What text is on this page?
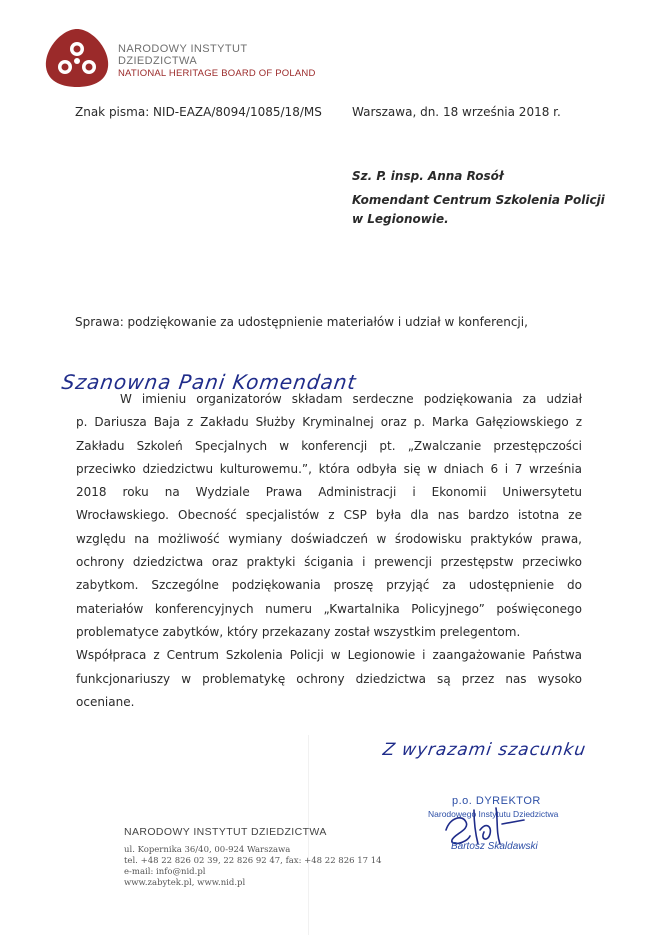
NARODOWY INSTYTUT
DZIEDZICTWA
NATIONAL HERITAGE BOARD OF POLAND
Znak pisma: NID-EAZA/8094/1085/18/MS	Warszawa, dn. 18 września 2018 r.
Sz. P. insp. Anna Rosół
Komendant Centrum Szkolenia Policji
w Legionowie.
Sprawa: podziękowanie za udostępnienie materiałów i udział w konferencji,
Szanowna Pani Komendant
W imieniu organizatorów składam serdeczne podziękowania za udział
p. Dariusza Baja z Zakładu Służby Kryminalnej oraz p. Marka Gałęziowskiego z
Zakładu Szkoleń Specjalnych w konferencji pt. „Zwalczanie przestępczości
przeciwko dziedzictwu kulturowemu.”, która odbyła się w dniach 6 i 7 września
2018 roku na Wydziale Prawa Administracji i Ekonomii Uniwersytetu
Wrocławskiego. Obecność specjalistów z CSP była dla nas bardzo istotna ze
względu na możliwość wymiany doświadczeń w środowisku praktyków prawa,
ochrony dziedzictwa oraz praktyki ścigania i prewencji przestępstw przeciwko
zabytkom. Szczególne podziękowania proszę przyjąć za udostępnienie do
materiałów konferencyjnych numeru „Kwartalnika Policyjnego” poświęconego
problematyce zabytków, który przekazany został wszystkim prelegentom.
Współpraca z Centrum Szkolenia Policji w Legionowie i zaangażowanie Państwa
funkcjonariuszy w problematykę ochrony dziedzictwa są przez nas wysoko
oceniane.
Z wyrazami szacunku
p.o. DYREKTOR
Narodowego Instytutu Dziedzictwa
Bartosz Skaldawski
NARODOWY INSTYTUT DZIEDZICTWA
ul. Kopernika 36/40, 00-924 Warszawa
tel. +48 22 826 02 39, 22 826 92 47, fax: +48 22 826 17 14
e-mail: info@nid.pl
www.zabytek.pl, www.nid.pl
